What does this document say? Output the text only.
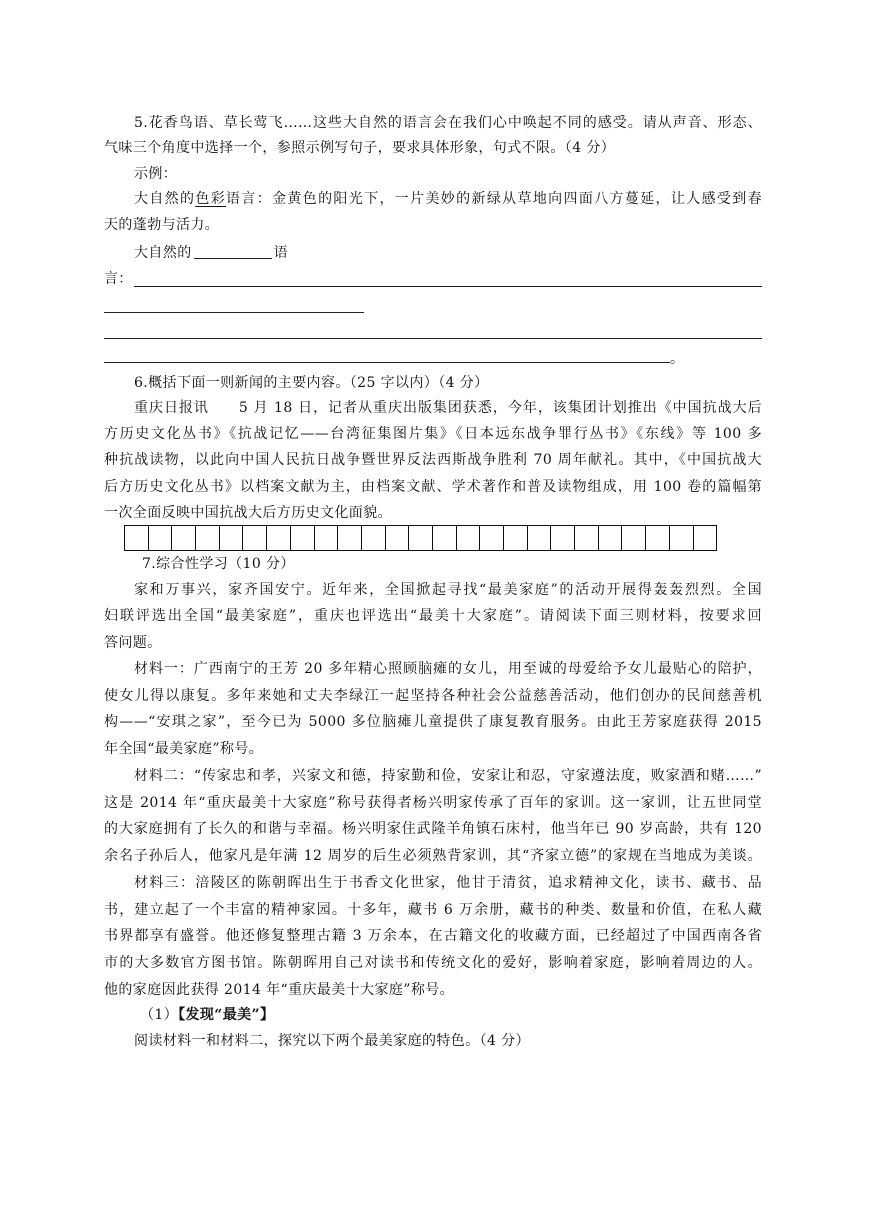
5.花香鸟语、草长莺飞……这些大自然的语言会在我们心中唤起不同的感受。请从声音、形态、
气味三个角度中选择一个，参照示例写句子，要求具体形象，句式不限。（4 分）
示例：
大自然的色彩语言：金黄色的阳光下，一片美妙的新绿从草地向四面八方蔓延，让人感受到春
天的蓬勃与活力。
大自然的	语
言：
。
6.概括下面一则新闻的主要内容。（25 字以内）（4 分）
重庆日报讯　　5 月 18 日，记者从重庆出版集团获悉，今年，该集团计划推出《中国抗战大后
方历史文化丛书》《抗战记忆——台湾征集图片集》《日本远东战争罪行丛书》《东线》等 100 多
种抗战读物，以此向中国人民抗日战争暨世界反法西斯战争胜利 70 周年献礼。其中，《中国抗战大
后方历史文化丛书》以档案文献为主，由档案文献、学术著作和普及读物组成，用 100 卷的篇幅第
一次全面反映中国抗战大后方历史文化面貌。
7.综合性学习（10 分）
家和万事兴，家齐国安宁。近年来，全国掀起寻找“最美家庭”的活动开展得轰轰烈烈。全国
妇联评选出全国“最美家庭”，重庆也评选出“最美十大家庭”。请阅读下面三则材料，按要求回
答问题。
材料一：广西南宁的王芳 20 多年精心照顾脑瘫的女儿，用至诚的母爱给予女儿最贴心的陪护，
使女儿得以康复。多年来她和丈夫李绿江一起坚持各种社会公益慈善活动，他们创办的民间慈善机
构——“安琪之家”，至今已为 5000 多位脑瘫儿童提供了康复教育服务。由此王芳家庭获得 2015
年全国“最美家庭”称号。
材料二：“传家忠和孝，兴家文和德，持家勤和俭，安家让和忍，守家遵法度，败家酒和赌……”
这是 2014 年“重庆最美十大家庭”称号获得者杨兴明家传承了百年的家训。这一家训，让五世同堂
的大家庭拥有了长久的和谐与幸福。杨兴明家住武隆羊角镇石床村，他当年已 90 岁高龄，共有 120
余名子孙后人，他家凡是年满 12 周岁的后生必须熟背家训，其“齐家立德”的家规在当地成为美谈。
材料三：涪陵区的陈朝晖出生于书香文化世家，他甘于清贫，追求精神文化，读书、藏书、品
书，建立起了一个丰富的精神家园。十多年，藏书 6 万余册，藏书的种类、数量和价值，在私人藏
书界都享有盛誉。他还修复整理古籍 3 万余本，在古籍文化的收藏方面，已经超过了中国西南各省
市的大多数官方图书馆。陈朝晖用自己对读书和传统文化的爱好，影响着家庭，影响着周边的人。
他的家庭因此获得 2014 年“重庆最美十大家庭”称号。
（1）【发现“最美”】
阅读材料一和材料二，探究以下两个最美家庭的特色。（4 分）
